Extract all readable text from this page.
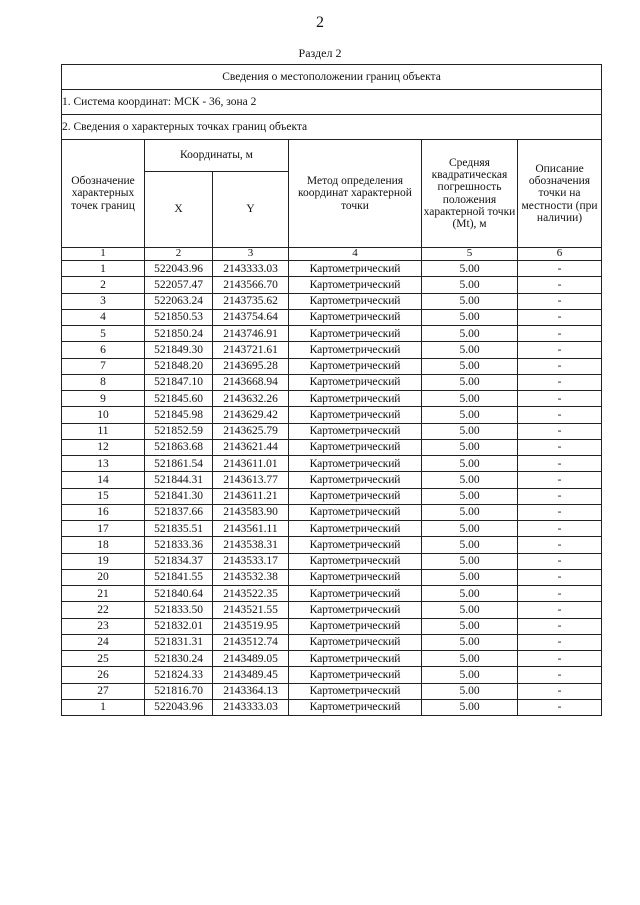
2
Раздел 2
Сведения о местоположении границ объекта					
1. Система координат: МСК - 36, зона 2					
2. Сведения о характерных точках границ объекта					
Обозначение характерных точек границ	Координаты, м		Метод определения координат характерной точки	Средняя квадратическая погрешность положения характерной точки (Mt), м	Описание обозначения точки на местности (при наличии)
	X	Y			
1	2	3	4	5	6
1	522043.96	2143333.03	Картометрический	5.00	-
2	522057.47	2143566.70	Картометрический	5.00	-
3	522063.24	2143735.62	Картометрический	5.00	-
4	521850.53	2143754.64	Картометрический	5.00	-
5	521850.24	2143746.91	Картометрический	5.00	-
6	521849.30	2143721.61	Картометрический	5.00	-
7	521848.20	2143695.28	Картометрический	5.00	-
8	521847.10	2143668.94	Картометрический	5.00	-
9	521845.60	2143632.26	Картометрический	5.00	-
10	521845.98	2143629.42	Картометрический	5.00	-
11	521852.59	2143625.79	Картометрический	5.00	-
12	521863.68	2143621.44	Картометрический	5.00	-
13	521861.54	2143611.01	Картометрический	5.00	-
14	521844.31	2143613.77	Картометрический	5.00	-
15	521841.30	2143611.21	Картометрический	5.00	-
16	521837.66	2143583.90	Картометрический	5.00	-
17	521835.51	2143561.11	Картометрический	5.00	-
18	521833.36	2143538.31	Картометрический	5.00	-
19	521834.37	2143533.17	Картометрический	5.00	-
20	521841.55	2143532.38	Картометрический	5.00	-
21	521840.64	2143522.35	Картометрический	5.00	-
22	521833.50	2143521.55	Картометрический	5.00	-
23	521832.01	2143519.95	Картометрический	5.00	-
24	521831.31	2143512.74	Картометрический	5.00	-
25	521830.24	2143489.05	Картометрический	5.00	-
26	521824.33	2143489.45	Картометрический	5.00	-
27	521816.70	2143364.13	Картометрический	5.00	-
1	522043.96	2143333.03	Картометрический	5.00	-
